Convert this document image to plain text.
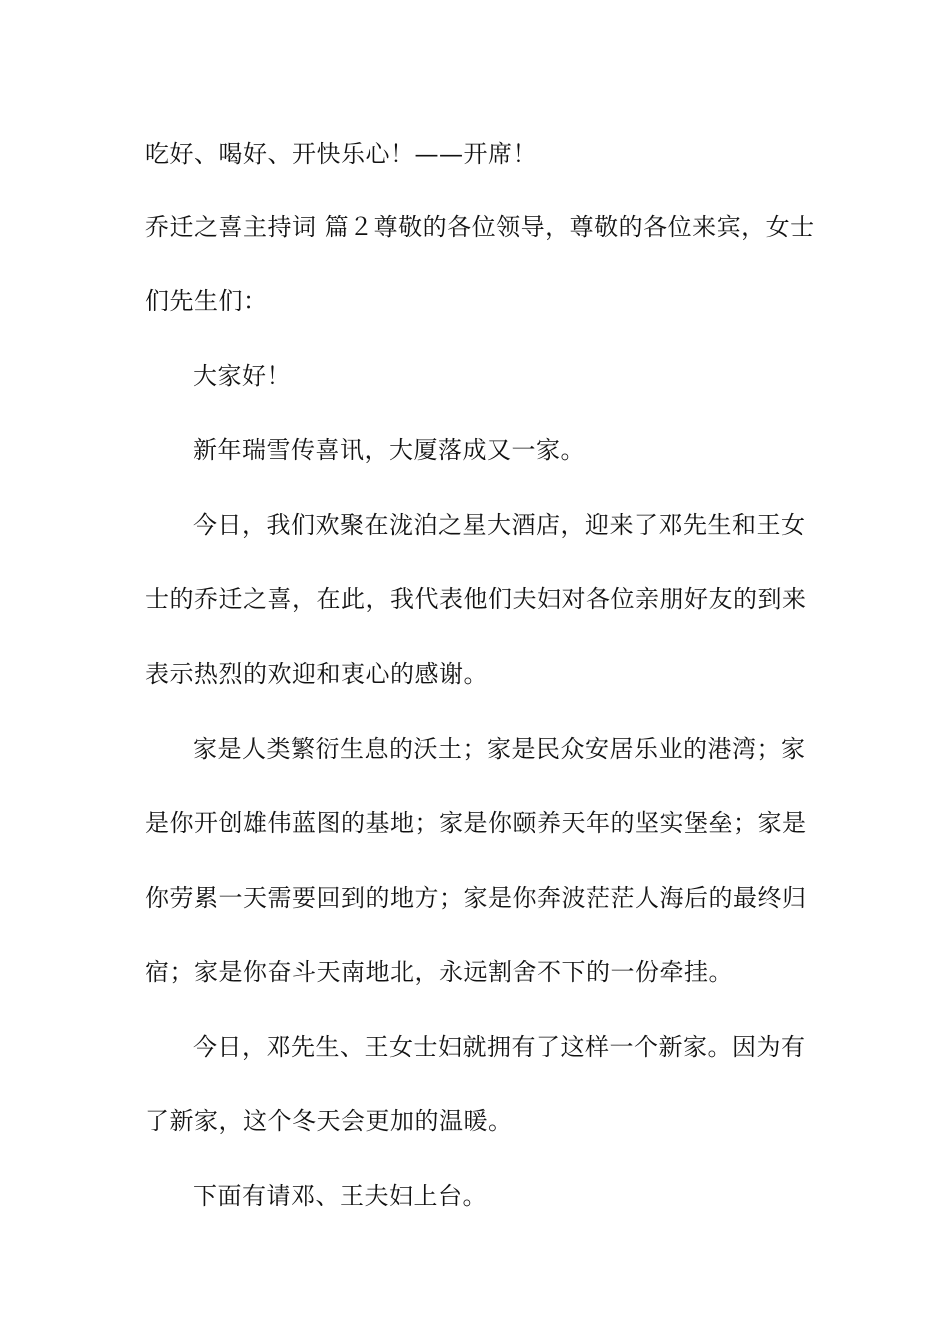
吃好、喝好、开快乐心！——开席！
乔迁之喜主持词 篇２尊敬的各位领导，尊敬的各位来宾，女士
们先生们：
大家好！
新年瑞雪传喜讯，大厦落成又一家。
今日，我们欢聚在泷泊之星大酒店，迎来了邓先生和王女
士的乔迁之喜，在此，我代表他们夫妇对各位亲朋好友的到来
表示热烈的欢迎和衷心的感谢。
家是人类繁衍生息的沃土；家是民众安居乐业的港湾；家
是你开创雄伟蓝图的基地；家是你颐养天年的坚实堡垒；家是
你劳累一天需要回到的地方；家是你奔波茫茫人海后的最终归
宿；家是你奋斗天南地北，永远割舍不下的一份牵挂。
今日，邓先生、王女士妇就拥有了这样一个新家。因为有
了新家，这个冬天会更加的温暖。
下面有请邓、王夫妇上台。
